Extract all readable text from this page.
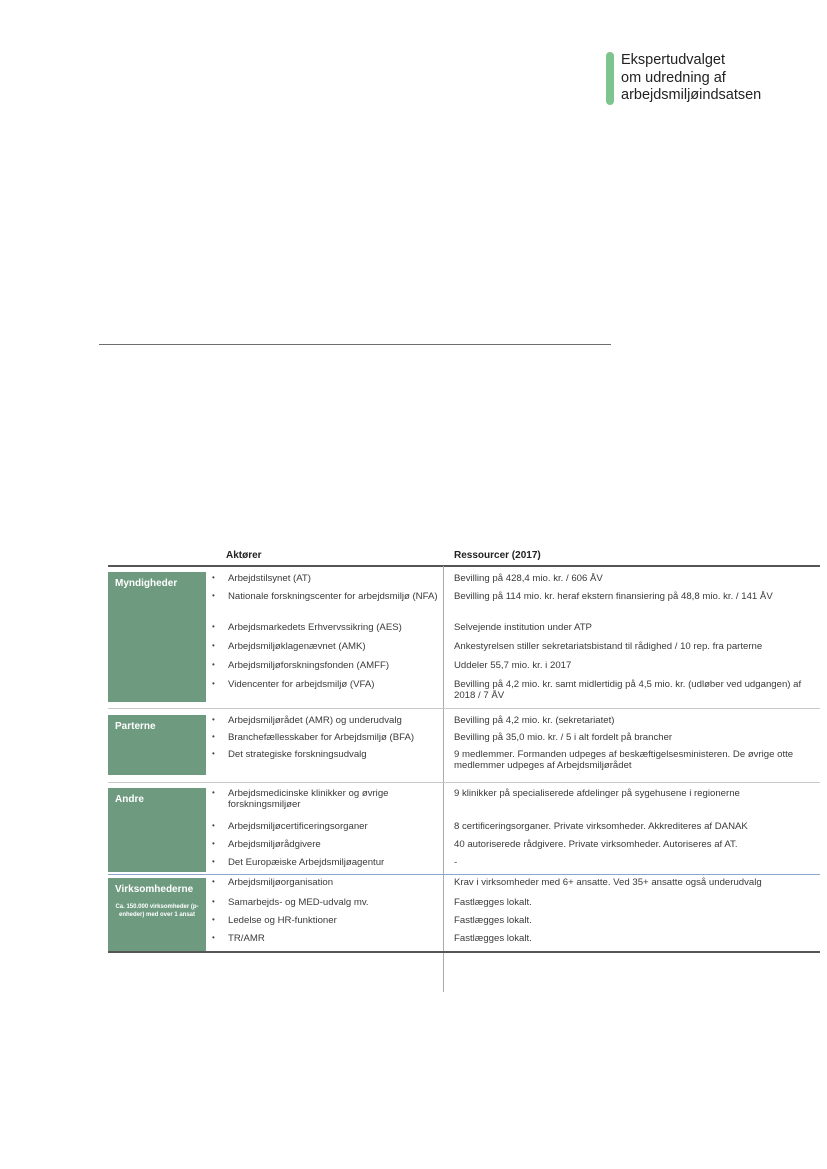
Ekspertudvalget
om udredning af
arbejdsmiljøindsatsen
Aktører	Ressourcer (2017)
Myndigheder
• Arbejdstilsynet (AT)	Bevilling på 428,4 mio. kr. / 606 ÅV
• Nationale forskningscenter for arbejdsmiljø (NFA) Bevilling på 114 mio. kr. heraf ekstern finansiering på 48,8 mio. kr. / 141 ÅV
• Arbejdsmarkedets Erhvervssikring (AES)	Selvejende institution under ATP
• Arbejdsmiljøklagenævnet (AMK)	Ankestyrelsen stiller sekretariatsbistand til rådighed / 10 rep. fra parterne
• Arbejdsmiljøforskningsfonden (AMFF)	Uddeler 55,7 mio. kr. i 2017
• Videncenter for arbejdsmiljø (VFA)	Bevilling på 4,2 mio. kr. samt midlertidig på 4,5 mio. kr. (udløber ved udgangen) af 2018 / 7 ÅV
Parterne
• Arbejdsmiljørådet (AMR) og underudvalg	Bevilling på 4,2 mio. kr. (sekretariatet)
• Branchefællesskaber for Arbejdsmiljø (BFA)	Bevilling på 35,0 mio. kr. / 5 i alt fordelt på brancher
• Det strategiske forskningsudvalg	9 medlemmer. Formanden udpeges af beskæftigelsesministeren. De øvrige otte medlemmer udpeges af Arbejdsmiljørådet
Andre
• Arbejdsmedicinske klinikker og øvrige forskningsmiljøer
9 klinikker på specialiserede afdelinger på sygehusene i regionerne
• Arbejdsmiljøcertificeringsorganer	8 certificeringsorganer. Private virksomheder. Akkrediteres af DANAK
• Arbejdsmiljørådgivere	40 autoriserede rådgivere. Private virksomheder. Autoriseres af AT.
• Det Europæiske Arbejdsmiljøagentur	-
Virksomhederne
Ca. 150.000 virksomheder (p-enheder) med over 1 ansat
• Arbejdsmiljøorganisation	Krav i virksomheder med 6+ ansatte. Ved 35+ ansatte også underudvalg
• Samarbejds- og MED-udvalg mv.	Fastlægges lokalt.
• Ledelse og HR-funktioner	Fastlægges lokalt.
• TR/AMR	Fastlægges lokalt.
